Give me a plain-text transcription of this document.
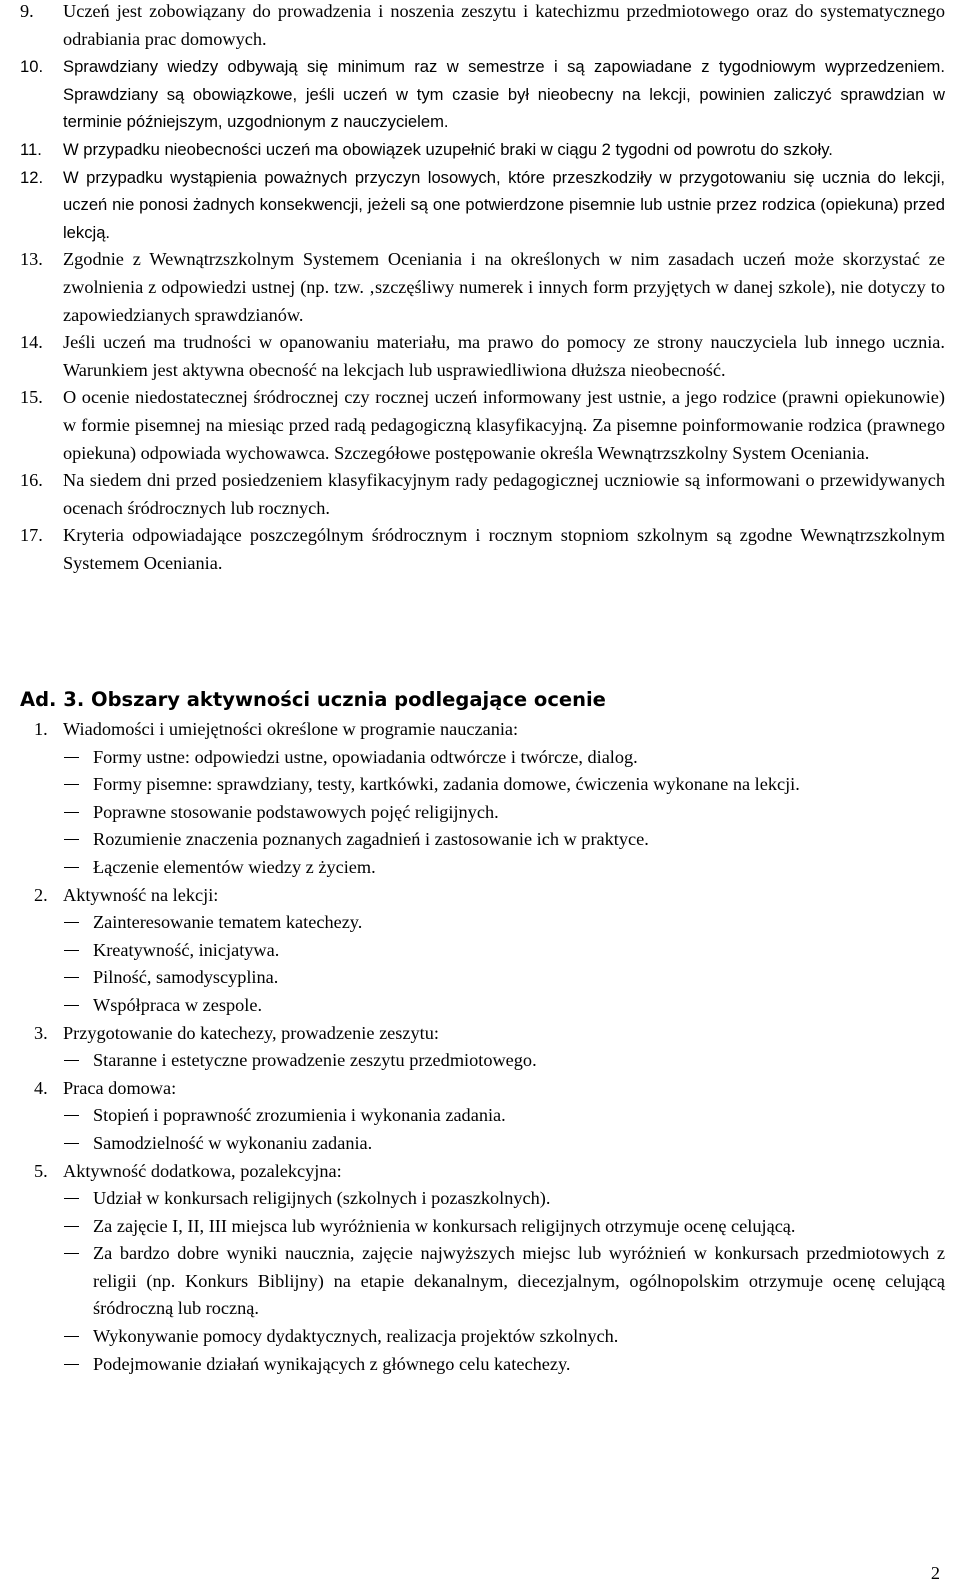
9.	Uczeń jest zobowiązany do prowadzenia i noszenia zeszytu i katechizmu przedmiotowego oraz do systematycznego odrabiania prac domowych.
10.	Sprawdziany wiedzy odbywają się minimum raz w semestrze i są zapowiadane z tygodniowym wyprzedzeniem. Sprawdziany są obowiązkowe, jeśli uczeń w tym czasie był nieobecny na lekcji, powinien zaliczyć sprawdzian w terminie późniejszym, uzgodnionym z nauczycielem.
11.	W przypadku nieobecności uczeń ma obowiązek uzupełnić braki w ciągu 2 tygodni od powrotu do szkoły.
12.	W przypadku wystąpienia poważnych przyczyn losowych, które przeszkodziły w przygotowaniu się ucznia do lekcji, uczeń nie ponosi żadnych konsekwencji, jeżeli są one potwierdzone pisemnie lub ustnie przez rodzica (opiekuna) przed lekcją.
13.	Zgodnie z Wewnątrzszkolnym Systemem Oceniania i na określonych w nim zasadach uczeń może skorzystać ze zwolnienia z odpowiedzi ustnej (np. tzw. ‚szczęśliwy numerek i innych form przyjętych w danej szkole), nie dotyczy to zapowiedzianych sprawdzianów.
14.	Jeśli uczeń ma trudności w opanowaniu materiału, ma prawo do pomocy ze strony nauczyciela lub innego ucznia. Warunkiem jest aktywna obecność na lekcjach lub usprawiedliwiona dłuższa nieobecność.
15.	O ocenie niedostatecznej śródrocznej czy rocznej uczeń informowany jest ustnie, a jego rodzice (prawni opiekunowie) w formie pisemnej na miesiąc przed radą pedagogiczną klasyfikacyjną. Za pisemne poinformowanie rodzica (prawnego opiekuna) odpowiada wychowawca. Szczegółowe postępowanie określa Wewnątrzszkolny System Oceniania.
16.	Na siedem dni przed posiedzeniem klasyfikacyjnym rady pedagogicznej uczniowie są informowani o przewidywanych ocenach śródrocznych lub rocznych.
17.	Kryteria odpowiadające poszczególnym śródrocznym i rocznym stopniom szkolnym są zgodne Wewnątrzszkolnym Systemem Oceniania.
Ad. 3. Obszary aktywności ucznia podlegające ocenie
1. Wiadomości i umiejętności określone w programie nauczania:
Formy ustne: odpowiedzi ustne, opowiadania odtwórcze i twórcze, dialog.
Formy pisemne: sprawdziany, testy, kartkówki, zadania domowe, ćwiczenia wykonane na lekcji.
Poprawne stosowanie podstawowych pojęć religijnych.
Rozumienie znaczenia poznanych zagadnień i zastosowanie ich w praktyce.
Łączenie elementów wiedzy z życiem.
2. Aktywność na lekcji:
Zainteresowanie tematem katechezy.
Kreatywność, inicjatywa.
Pilność, samodyscyplina.
Współpraca w zespole.
3. Przygotowanie do katechezy, prowadzenie zeszytu:
Staranne i estetyczne prowadzenie zeszytu przedmiotowego.
4. Praca domowa:
Stopień i poprawność zrozumienia i wykonania zadania.
Samodzielność w wykonaniu zadania.
5. Aktywność dodatkowa, pozalekcyjna:
Udział w konkursach religijnych (szkolnych i pozaszkolnych).
Za zajęcie I, II, III miejsca lub wyróżnienia w konkursach religijnych otrzymuje ocenę celującą.
Za bardzo dobre wyniki naucznia, zajęcie najwyższych miejsc lub wyróżnień w konkursach przedmiotowych z religii (np. Konkurs Biblijny) na etapie dekanalnym, diecezjalnym, ogólnopolskim otrzymuje ocenę celującą śródroczną lub roczną.
Wykonywanie pomocy dydaktycznych, realizacja projektów szkolnych.
Podejmowanie działań wynikających z głównego celu katechezy.
2
